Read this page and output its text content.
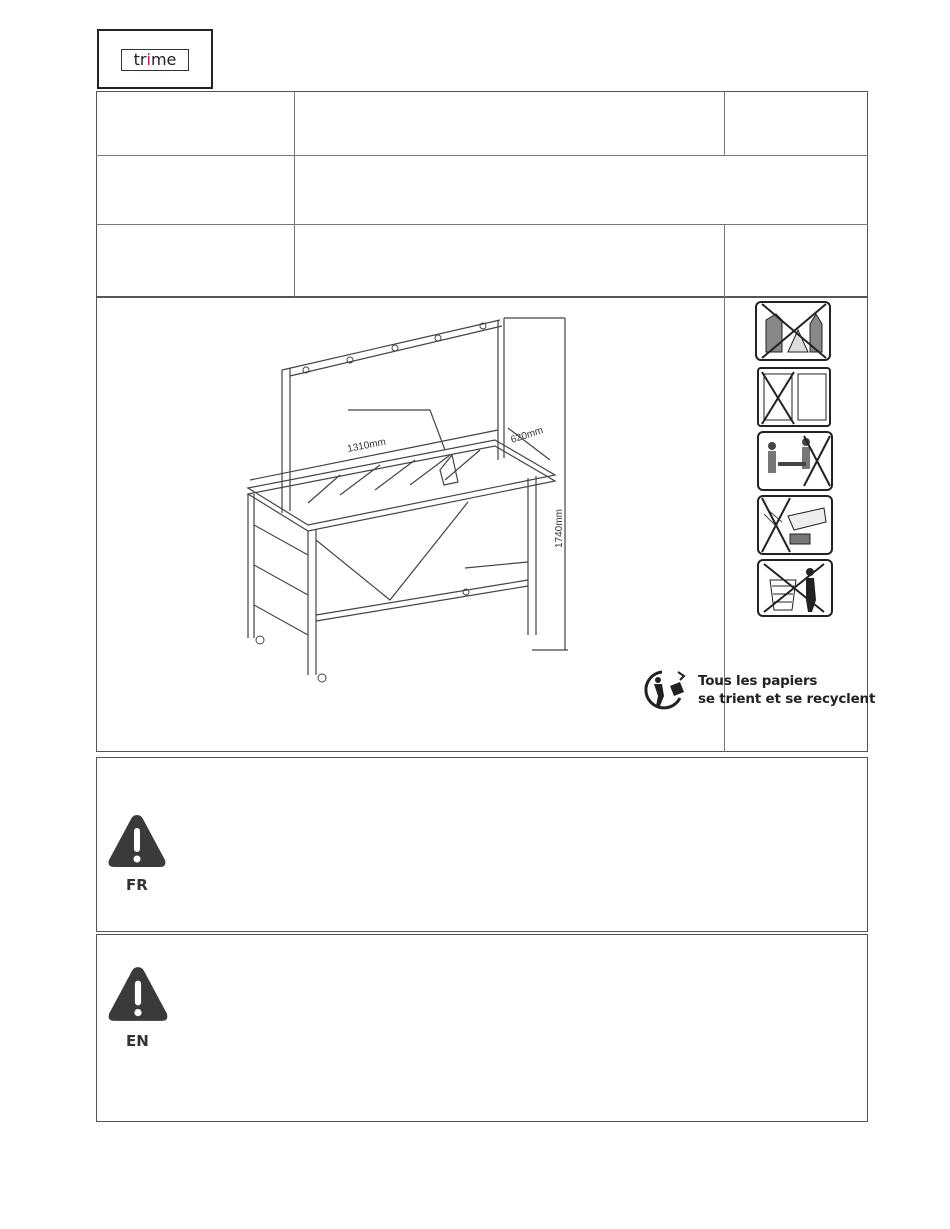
trime
1310mm	620mm
1740mm
Tous les papiers
se trient et se recyclent
FR
EN
